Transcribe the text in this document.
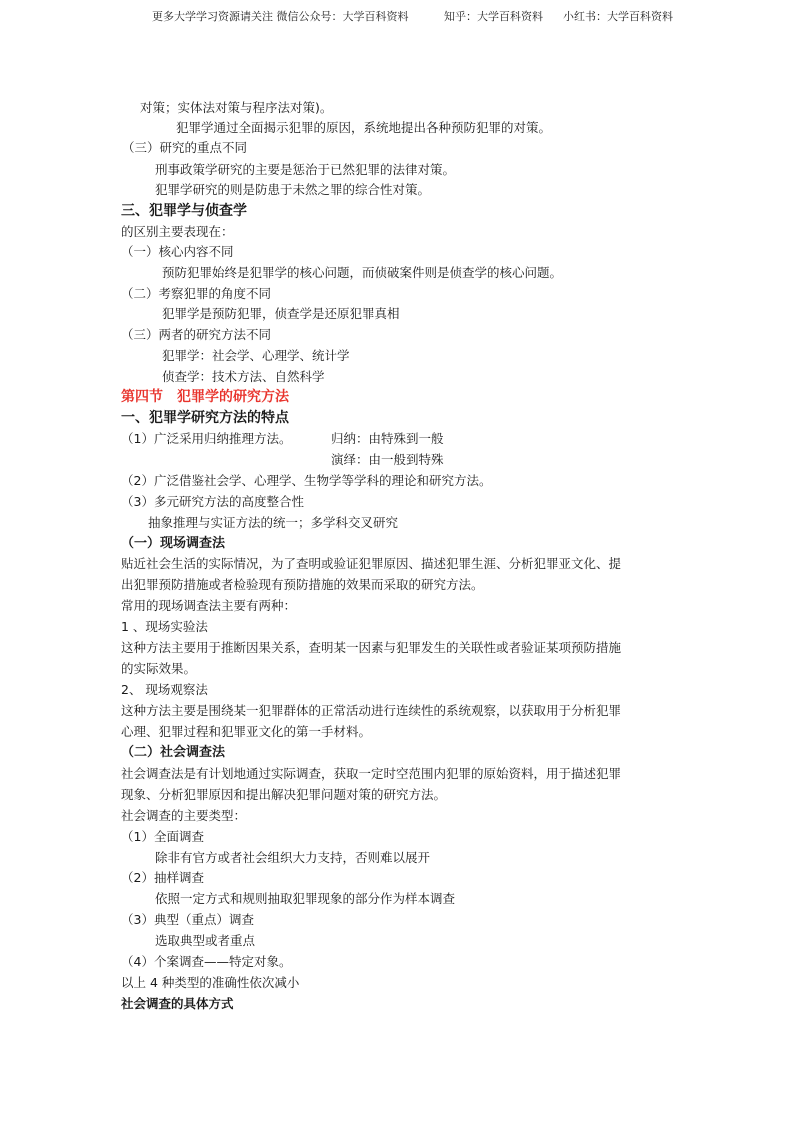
更多大学学习资源请关注 微信公众号：大学百科资料	知乎：大学百科资料 小红书：大学百科资料
对策；实体法对策与程序法对策)。
犯罪学通过全面揭示犯罪的原因，系统地提出各种预防犯罪的对策。
（三）研究的重点不同
刑事政策学研究的主要是惩治于已然犯罪的法律对策。
犯罪学研究的则是防患于未然之罪的综合性对策。
三、犯罪学与侦查学
的区别主要表现在：
（一）核心内容不同
预防犯罪始终是犯罪学的核心问题，而侦破案件则是侦查学的核心问题。
（二）考察犯罪的角度不同
犯罪学是预防犯罪，侦查学是还原犯罪真相
（三）两者的研究方法不同
犯罪学：社会学、心理学、统计学
侦查学：技术方法、自然科学
第四节　犯罪学的研究方法
一、犯罪学研究方法的特点
（1）广泛采用归纳推理方法。	归纳：由特殊到一般
演绎：由一般到特殊
（2）广泛借鉴社会学、心理学、生物学等学科的理论和研究方法。
（3）多元研究方法的高度整合性
抽象推理与实证方法的统一；多学科交叉研究
（一）现场调查法
贴近社会生活的实际情况，为了查明或验证犯罪原因、描述犯罪生涯、分析犯罪亚文化、提
出犯罪预防措施或者检验现有预防措施的效果而采取的研究方法。
常用的现场调查法主要有两种：
1 、现场实验法
这种方法主要用于推断因果关系，查明某一因素与犯罪发生的关联性或者验证某项预防措施
的实际效果。
2、 现场观察法
这种方法主要是围绕某一犯罪群体的正常活动进行连续性的系统观察，以获取用于分析犯罪
心理、犯罪过程和犯罪亚文化的第一手材料。
（二）社会调查法
社会调查法是有计划地通过实际调查，获取一定时空范围内犯罪的原始资料，用于描述犯罪
现象、分析犯罪原因和提出解决犯罪问题对策的研究方法。
社会调查的主要类型：
（1）全面调查
除非有官方或者社会组织大力支持，否则难以展开
（2）抽样调查
依照一定方式和规则抽取犯罪现象的部分作为样本调查
（3）典型（重点）调查
选取典型或者重点
（4）个案调查——特定对象。
以上 4 种类型的准确性依次减小
社会调查的具体方式
